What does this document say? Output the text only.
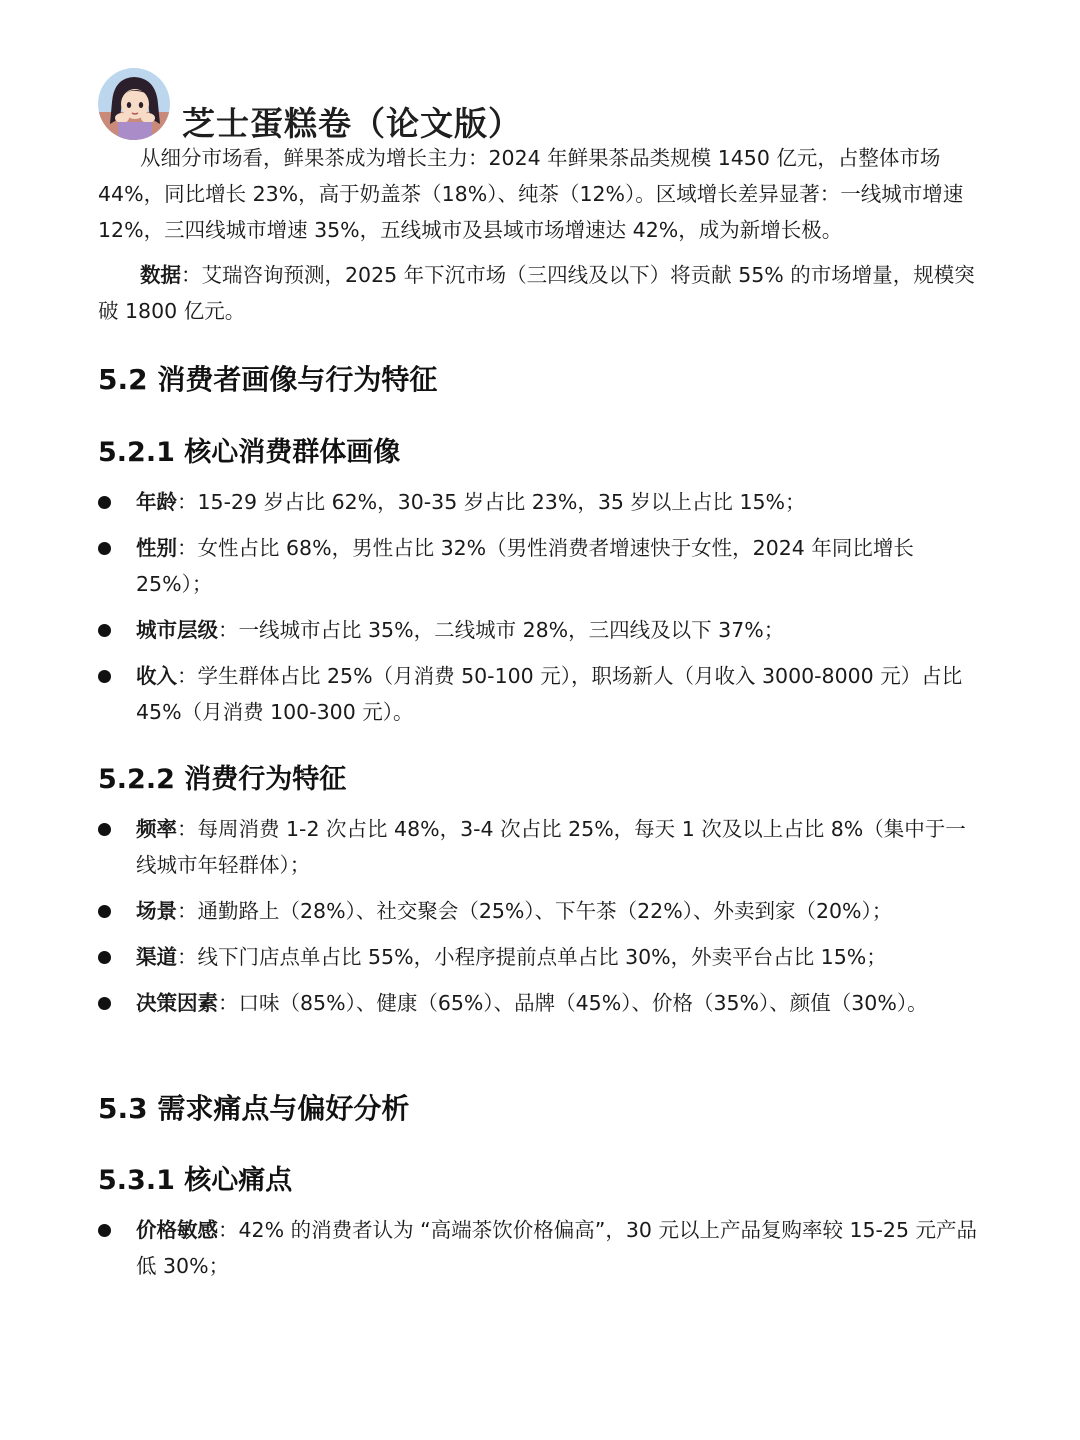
芝士蛋糕卷（论文版）

从细分市场看，鲜果茶成为增长主力：2024 年鲜果茶品类规模 1450 亿元，占整体市场 44%，同比增长 23%，高于奶盖茶（18%）、纯茶（12%）。区域增长差异显著：一线城市增速 12%，三四线城市增速 35%，五线城市及县域市场增速达 42%，成为新增长极。

数据：艾瑞咨询预测，2025 年下沉市场（三四线及以下）将贡献 55% 的市场增量，规模突破 1800 亿元。

5.2 消费者画像与行为特征
5.2.1 核心消费群体画像
年龄：15-29 岁占比 62%，30-35 岁占比 23%，35 岁以上占比 15%；
性别：女性占比 68%，男性占比 32%（男性消费者增速快于女性，2024 年同比增长 25%）；
城市层级：一线城市占比 35%，二线城市 28%，三四线及以下 37%；
收入：学生群体占比 25%（月消费 50-100 元），职场新人（月收入 3000-8000 元）占比 45%（月消费 100-300 元）。
5.2.2 消费行为特征
频率：每周消费 1-2 次占比 48%，3-4 次占比 25%，每天 1 次及以上占比 8%（集中于一线城市年轻群体）；
场景：通勤路上（28%）、社交聚会（25%）、下午茶（22%）、外卖到家（20%）；
渠道：线下门店点单占比 55%，小程序提前点单占比 30%，外卖平台占比 15%；
决策因素：口味（85%）、健康（65%）、品牌（45%）、价格（35%）、颜值（30%）。
5.3 需求痛点与偏好分析
5.3.1 核心痛点
价格敏感：42% 的消费者认为 “高端茶饮价格偏高”，30 元以上产品复购率较 15-25 元产品低 30%；
